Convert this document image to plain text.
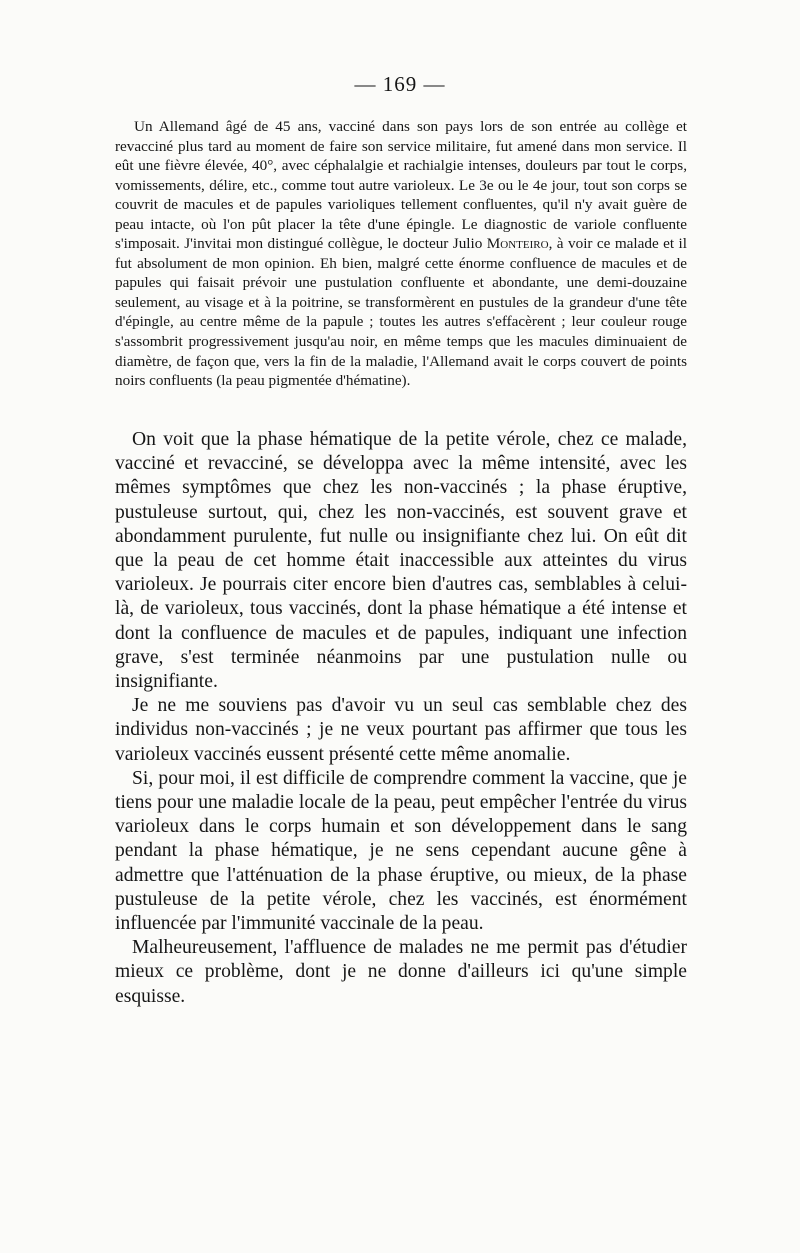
— 169 —

Un Allemand âgé de 45 ans, vacciné dans son pays lors de son entrée au collège et revacciné plus tard au moment de faire son service militaire, fut amené dans mon service. Il eût une fièvre élevée, 40°, avec céphalalgie et rachialgie intenses, douleurs par tout le corps, vomissements, délire, etc., comme tout autre varioleux. Le 3e ou le 4e jour, tout son corps se couvrit de macules et de papules varioliques tellement confluentes, qu'il n'y avait guère de peau intacte, où l'on pût placer la tête d'une épingle. Le diagnostic de variole confluente s'imposait. J'invitai mon distingué collègue, le docteur Julio Monteiro, à voir ce malade et il fut absolument de mon opinion. Eh bien, malgré cette énorme confluence de macules et de papules qui faisait prévoir une pustulation confluente et abondante, une demi-douzaine seulement, au visage et à la poitrine, se transformèrent en pustules de la grandeur d'une tête d'épingle, au centre même de la papule ; toutes les autres s'effacèrent ; leur couleur rouge s'assombrit progressivement jusqu'au noir, en même temps que les macules diminuaient de diamètre, de façon que, vers la fin de la maladie, l'Allemand avait le corps couvert de points noirs confluents (la peau pigmentée d'hématine).

On voit que la phase hématique de la petite vérole, chez ce malade, vacciné et revacciné, se développa avec la même intensité, avec les mêmes symptômes que chez les non-vaccinés ; la phase éruptive, pustuleuse surtout, qui, chez les non-vaccinés, est souvent grave et abondamment purulente, fut nulle ou insignifiante chez lui. On eût dit que la peau de cet homme était inaccessible aux atteintes du virus varioleux. Je pourrais citer encore bien d'autres cas, semblables à celui-là, de varioleux, tous vaccinés, dont la phase hématique a été intense et dont la confluence de macules et de papules, indiquant une infection grave, s'est terminée néanmoins par une pustulation nulle ou insignifiante.

Je ne me souviens pas d'avoir vu un seul cas semblable chez des individus non-vaccinés ; je ne veux pourtant pas affirmer que tous les varioleux vaccinés eussent présenté cette même anomalie.

Si, pour moi, il est difficile de comprendre comment la vaccine, que je tiens pour une maladie locale de la peau, peut empêcher l'entrée du virus varioleux dans le corps humain et son développement dans le sang pendant la phase hématique, je ne sens cependant aucune gêne à admettre que l'atténuation de la phase éruptive, ou mieux, de la phase pustuleuse de la petite vérole, chez les vaccinés, est énormément influencée par l'immunité vaccinale de la peau.

Malheureusement, l'affluence de malades ne me permit pas d'étudier mieux ce problème, dont je ne donne d'ailleurs ici qu'une simple esquisse.
